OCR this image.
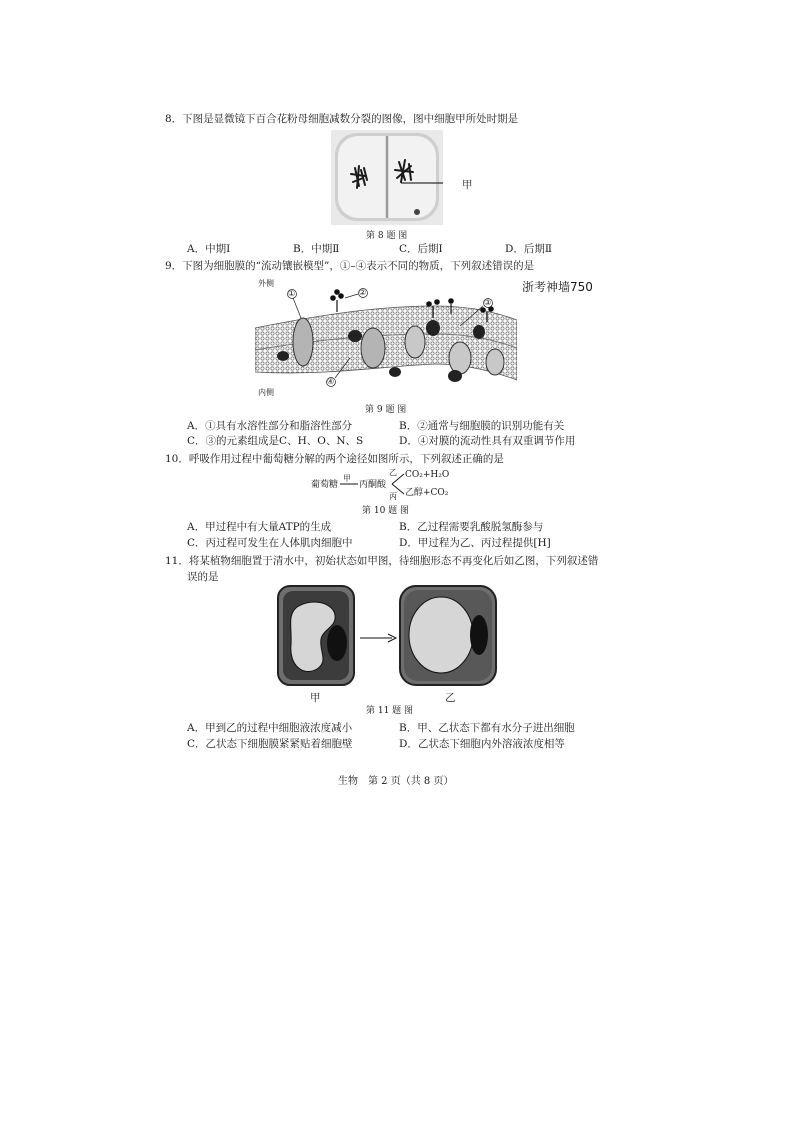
8．下图是显微镜下百合花粉母细胞减数分裂的图像，图中细胞甲所处时期是
甲
第 8 题 图
A．中期Ⅰ	B．中期Ⅱ	C．后期Ⅰ	D．后期Ⅱ
9．下图为细胞膜的“流动镶嵌模型”，①–④表示不同的物质，下列叙述错误的是
外侧
内侧
①	②
③
④
浙考神墙750
第 9 题 图
A．①具有水溶性部分和脂溶性部分	B．②通常与细胞膜的识别功能有关
C．③的元素组成是C、H、O、N、S	D．④对膜的流动性具有双重调节作用
10．呼吸作用过程中葡萄糖分解的两个途径如图所示，下列叙述正确的是
葡萄糖
甲
丙酮酸
乙 CO₂+H₂O
丙 乙醇+CO₂
第 10 题 图
A．甲过程中有大量ATP的生成	B．乙过程需要乳酸脱氢酶参与
C．丙过程可发生在人体肌肉细胞中	D．甲过程为乙、丙过程提供[H]
11．将某植物细胞置于清水中，初始状态如甲图，待细胞形态不再变化后如乙图，下列叙述错
误的是
甲	乙
第 11 题 图
A．甲到乙的过程中细胞液浓度减小	B．甲、乙状态下都有水分子进出细胞
C．乙状态下细胞膜紧紧贴着细胞壁	D．乙状态下细胞内外溶液浓度相等
生物　第 2 页（共 8 页）
